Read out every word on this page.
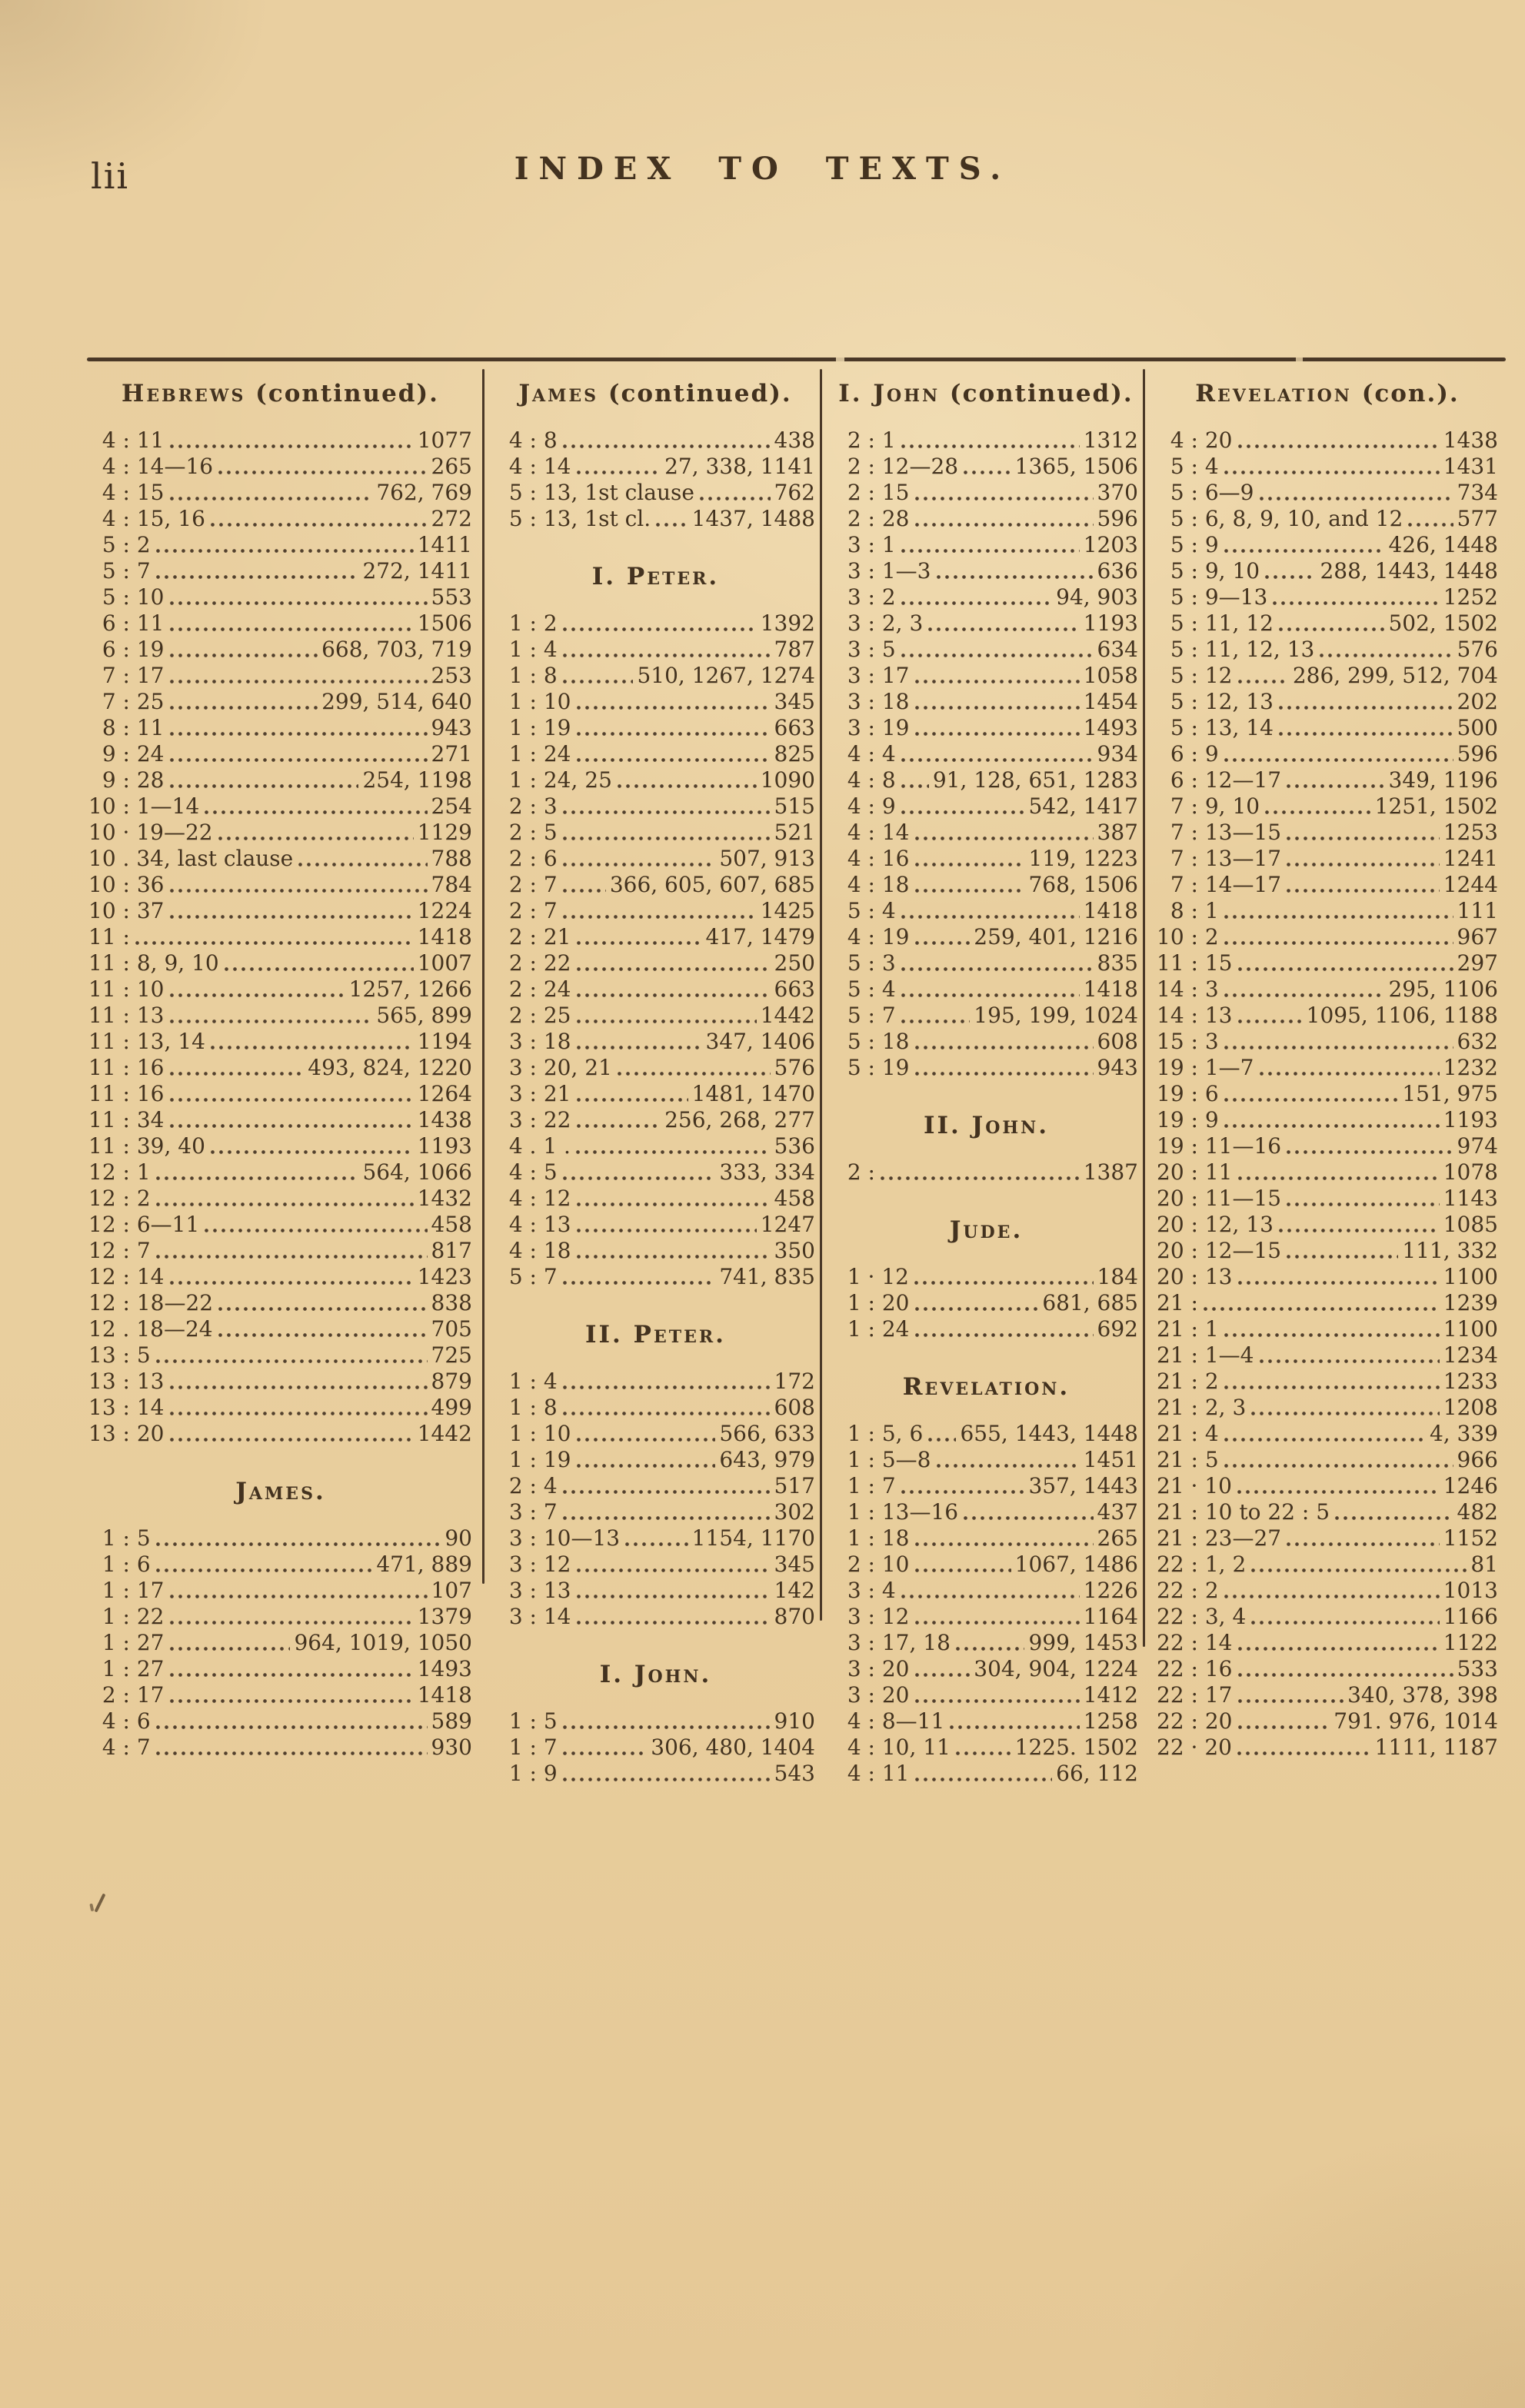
lii	INDEX TO TEXTS.
Hebrews (continued).
 4 : 11	1077
 4 : 14—16	265
 4 : 15	762, 769
 4 : 15, 16	272
 5 : 2	1411
 5 : 7	272, 1411
 5 : 10	553
 6 : 11	1506
 6 : 19	668, 703, 719
 7 : 17	253
 7 : 25	299, 514, 640
 8 : 11	943
 9 : 24	271
 9 : 28	254, 1198
10 : 1—14	254
10 · 19—22	1129
10 . 34, last clause	788
10 : 36	784
10 : 37	1224
11 :	1418
11 : 8, 9, 10	1007
11 : 10	1257, 1266
11 : 13	565, 899
11 : 13, 14	1194
11 : 16	493, 824, 1220
11 : 16	1264
11 : 34	1438
11 : 39, 40	1193
12 : 1	564, 1066
12 : 2	1432
12 : 6—11	458
12 : 7	817
12 : 14	1423
12 : 18—22	838
12 . 18—24	705
13 : 5	725
13 : 13	879
13 : 14	499
13 : 20	1442
James.
 1 : 5	90
 1 : 6	471, 889
 1 : 17	107
 1 : 22	1379
 1 : 27	964, 1019, 1050
 1 : 27	1493
 2 : 17	1418
 4 : 6	589
 4 : 7	930
James (continued).
 4 : 8	438
 4 : 14	27, 338, 1141
 5 : 13, 1st clause	762
 5 : 13, 1st cl. 1437, 1488
I. Peter.
 1 : 2	1392
 1 : 4	787
 1 : 8	510, 1267, 1274
 1 : 10	345
 1 : 19	663
 1 : 24	825
 1 : 24, 25	1090
 2 : 3	515
 2 : 5	521
 2 : 6	507, 913
 2 : 7 366, 605, 607, 685
 2 : 7	1425
 2 : 21	417, 1479
 2 : 22	250
 2 : 24	663
 2 : 25	1442
 3 : 18	347, 1406
 3 : 20, 21	576
 3 : 21	1481, 1470
 3 : 22	256, 268, 277
 4 . 1 .	536
 4 : 5	333, 334
 4 : 12	458
 4 : 13	1247
 4 : 18	350
 5 : 7	741, 835
II. Peter.
 1 : 4	172
 1 : 8	608
 1 : 10	566, 633
 1 : 19	643, 979
 2 : 4	517
 3 : 7	302
 3 : 10—13	1154, 1170
 3 : 12	345
 3 : 13	142
 3 : 14	870
I. John.
 1 : 5	910
 1 : 7	306, 480, 1404
 1 : 9	543
I. John (continued).
 2 : 1	1312
 2 : 12—28	1365, 1506
 2 : 15	370
 2 : 28	596
 3 : 1	1203
 3 : 1—3	636
 3 : 2	94, 903
 3 : 2, 3	1193
 3 : 5	634
 3 : 17	1058
 3 : 18	1454
 3 : 19	1493
 4 : 4	934
 4 : 8 91, 128, 651, 1283
 4 : 9	542, 1417
 4 : 14	387
 4 : 16	119, 1223
 4 : 18	768, 1506
 5 : 4	1418
 4 : 19	259, 401, 1216
 5 : 3	835
 5 : 4	1418
 5 : 7	195, 199, 1024
 5 : 18	608
 5 : 19	943
II. John.
 2 :	1387
Jude.
 1 · 12	184
 1 : 20	681, 685
 1 : 24	692
Revelation.
 1 : 5, 6 655, 1443, 1448
 1 : 5—8	1451
 1 : 7	357, 1443
 1 : 13—16	437
 1 : 18	265
 2 : 10	1067, 1486
 3 : 4	1226
 3 : 12	1164
 3 : 17, 18	999, 1453
 3 : 20	304, 904, 1224
 3 : 20	1412
 4 : 8—11	1258
 4 : 10, 11	1225. 1502
 4 : 11	66, 112
Revelation (con.).
 4 : 20	1438
 5 : 4	1431
 5 : 6—9	734
 5 : 6, 8, 9, 10, and 12	577
 5 : 9	426, 1448
 5 : 9, 10	288, 1443, 1448
 5 : 9—13	1252
 5 : 11, 12	502, 1502
 5 : 11, 12, 13	576
 5 : 12	286, 299, 512, 704
 5 : 12, 13	202
 5 : 13, 14	500
 6 : 9	596
 6 : 12—17	349, 1196
 7 : 9, 10	1251, 1502
 7 : 13—15	1253
 7 : 13—17	1241
 7 : 14—17	1244
 8 : 1	111
10 : 2	967
11 : 15	297
14 : 3	295, 1106
14 : 13	1095, 1106, 1188
15 : 3	632
19 : 1—7	1232
19 : 6	151, 975
19 : 9	1193
19 : 11—16	974
20 : 11	1078
20 : 11—15	1143
20 : 12, 13	1085
20 : 12—15	111, 332
20 : 13	1100
21 :	1239
21 : 1	1100
21 : 1—4	1234
21 : 2	1233
21 : 2, 3	1208
21 : 4	4, 339
21 : 5	966
21 · 10	1246
21 : 10 to 22 : 5	482
21 : 23—27	1152
22 : 1, 2	81
22 : 2	1013
22 : 3, 4	1166
22 : 14	1122
22 : 16	533
22 : 17	340, 378, 398
22 : 20	791. 976, 1014
22 · 20	1111, 1187
